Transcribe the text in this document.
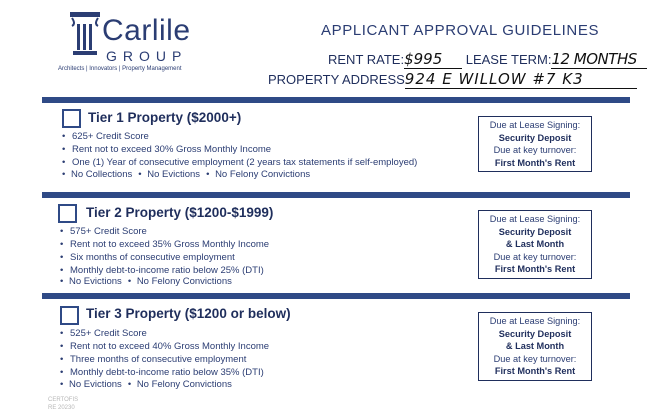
Carlile
GROUP
Architects | Innovators | Property Management
APPLICANT APPROVAL GUIDELINES
RENT RATE:$995 LEASE TERM:12 MONTHS
PROPERTY ADDRESS924 E WILLOW #7 K3
Tier 1 Property ($2000+)
• 625+ Credit Score
• Rent not to exceed 30% Gross Monthly Income
• One (1) Year of consecutive employment (2 years tax statements if self-employed)
• No Collections • No Evictions • No Felony Convictions
Due at Lease Signing:
Security Deposit
Due at key turnover:
First Month's Rent
Tier 2 Property ($1200-$1999)
• 575+ Credit Score
• Rent not to exceed 35% Gross Monthly Income
• Six months of consecutive employment
• Monthly debt-to-income ratio below 25% (DTI)
• No Evictions • No Felony Convictions
Due at Lease Signing:
Security Deposit
& Last Month
Due at key turnover:
First Month's Rent
Tier 3 Property ($1200 or below)
• 525+ Credit Score
• Rent not to exceed 40% Gross Monthly Income
• Three months of consecutive employment
• Monthly debt-to-income ratio below 35% (DTI)
• No Evictions • No Felony Convictions
Due at Lease Signing:
Security Deposit
& Last Month
Due at key turnover:
First Month's Rent
CERTOFIS
RE 20230
